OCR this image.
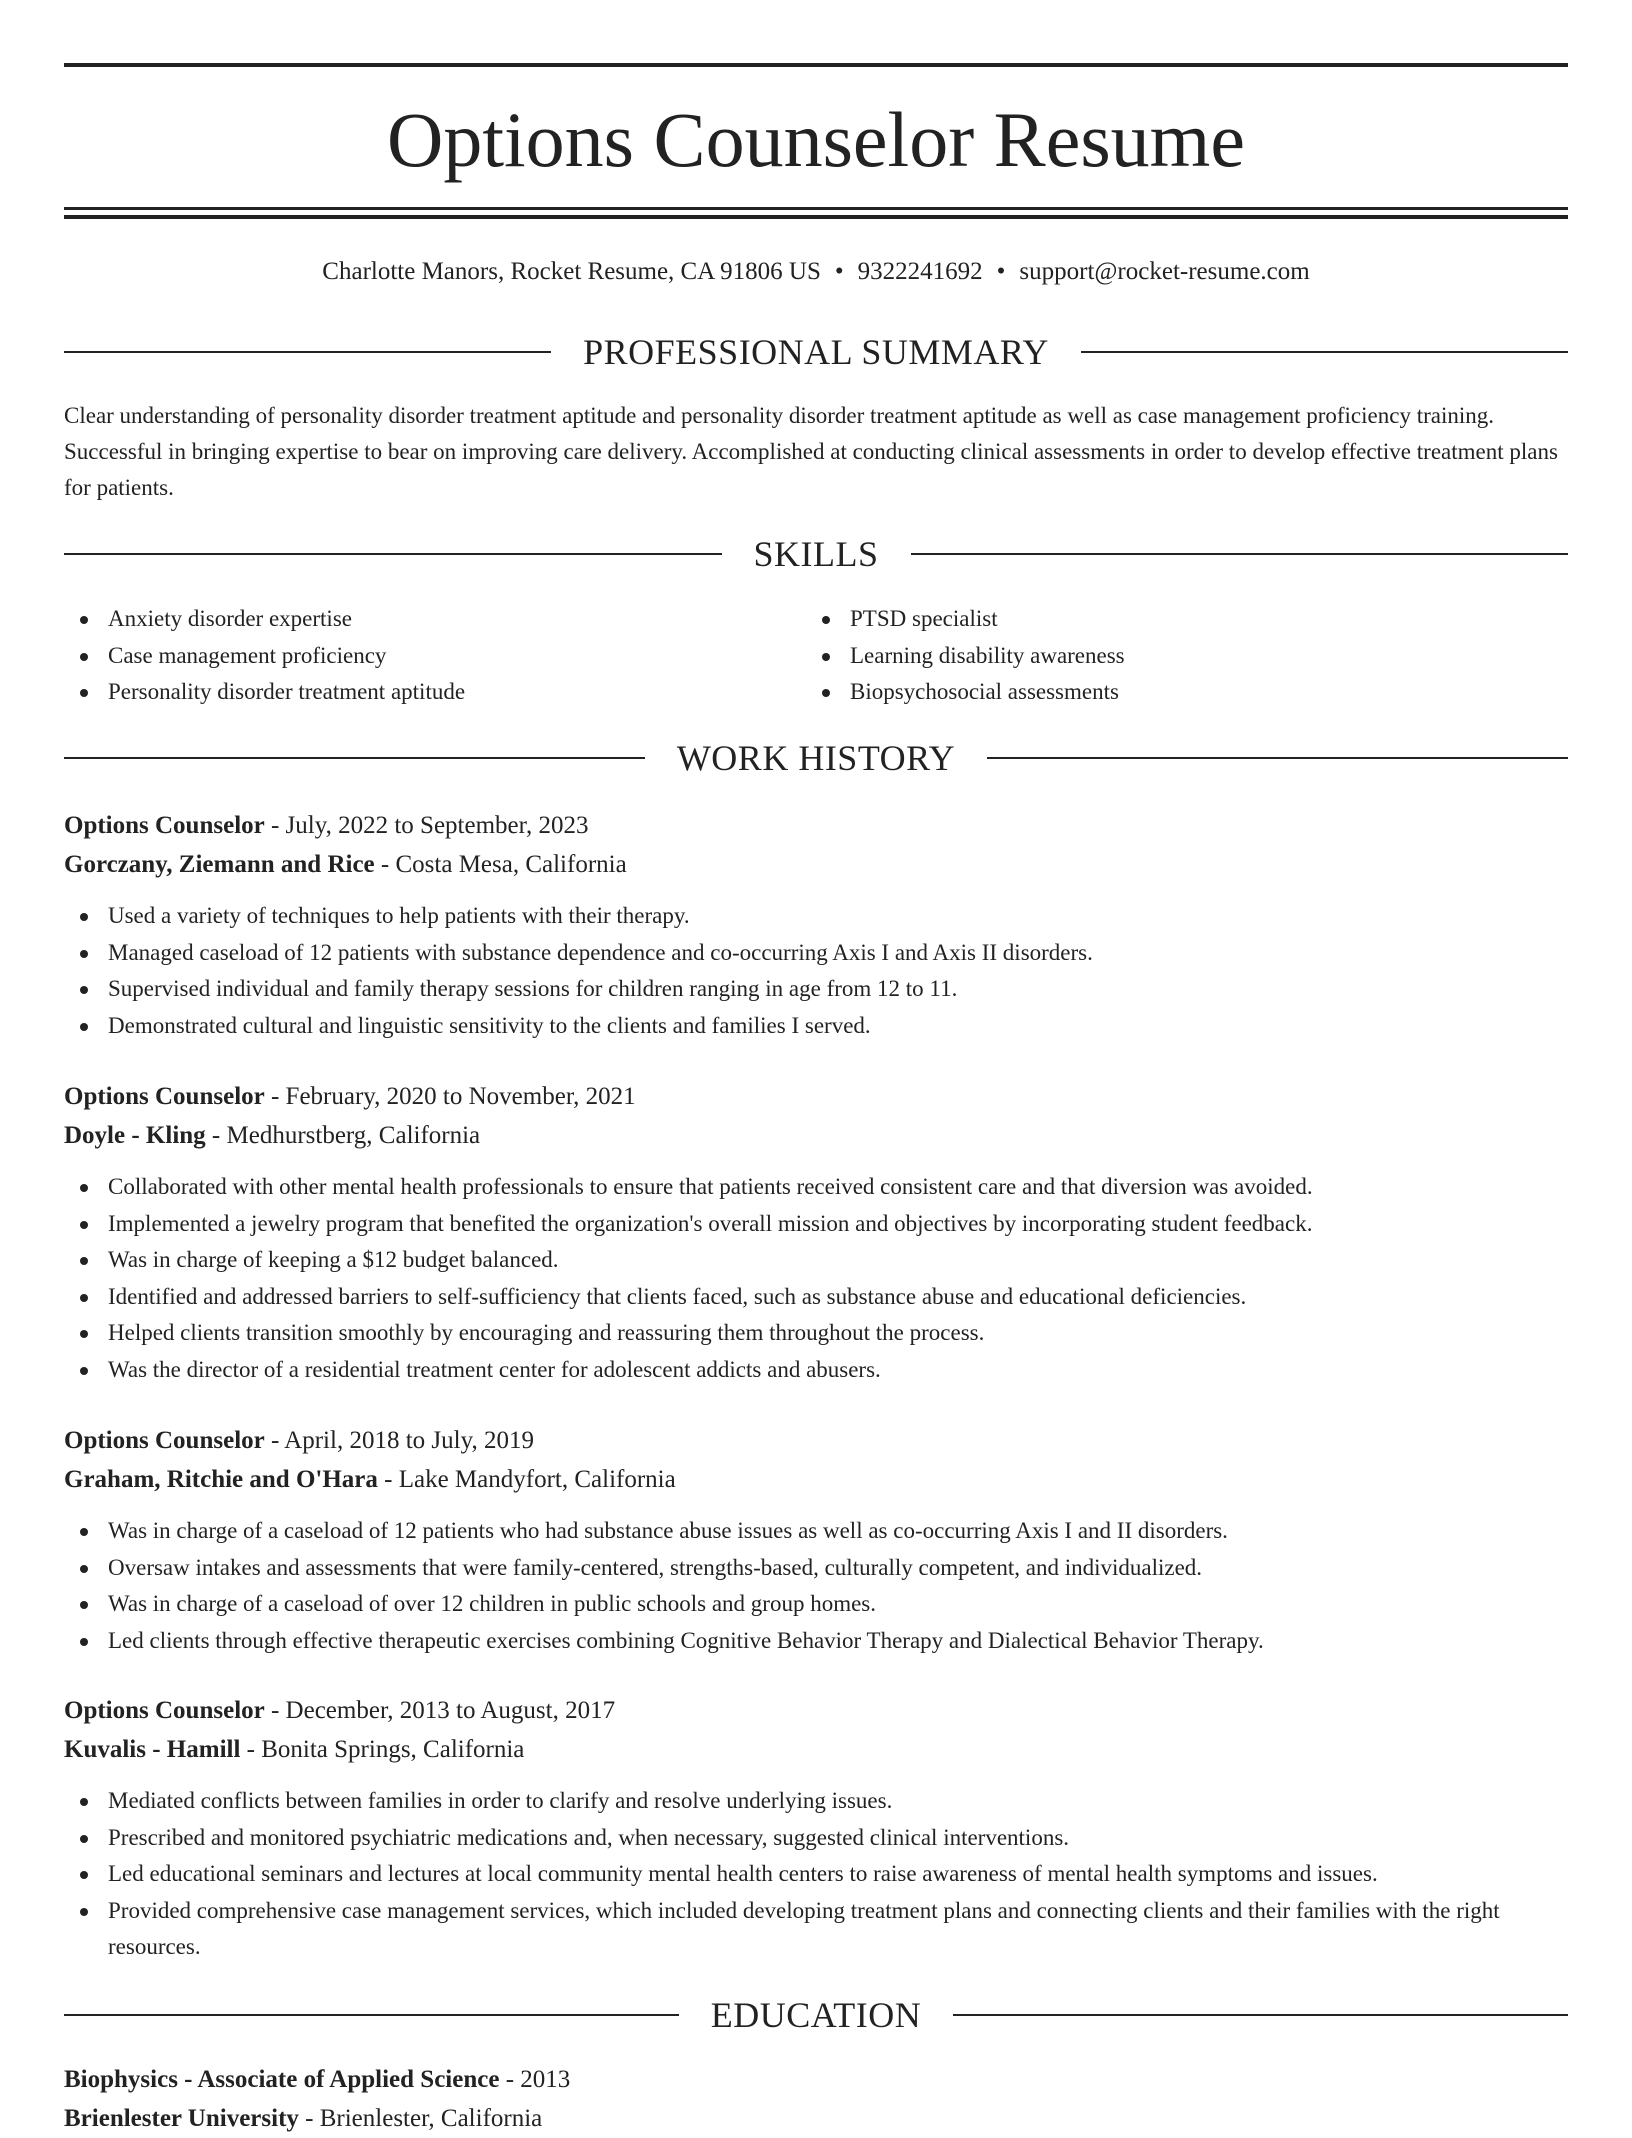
Options Counselor Resume
Charlotte Manors, Rocket Resume, CA 91806 US • 9322241692 • support@rocket-resume.com
PROFESSIONAL SUMMARY

Clear understanding of personality disorder treatment aptitude and personality disorder treatment aptitude as well as case management proficiency training. Successful in bringing expertise to bear on improving care delivery. Accomplished at conducting clinical assessments in order to develop effective treatment plans for patients.

SKILLS
Anxiety disorder expertise
Case management proficiency
Personality disorder treatment aptitude
PTSD specialist
Learning disability awareness
Biopsychosocial assessments
WORK HISTORY
Options Counselor - July, 2022 to September, 2023
Gorczany, Ziemann and Rice - Costa Mesa, California
Used a variety of techniques to help patients with their therapy.
Managed caseload of 12 patients with substance dependence and co-occurring Axis I and Axis II disorders.
Supervised individual and family therapy sessions for children ranging in age from 12 to 11.
Demonstrated cultural and linguistic sensitivity to the clients and families I served.
Options Counselor - February, 2020 to November, 2021
Doyle - Kling - Medhurstberg, California
Collaborated with other mental health professionals to ensure that patients received consistent care and that diversion was avoided.
Implemented a jewelry program that benefited the organization's overall mission and objectives by incorporating student feedback.
Was in charge of keeping a $12 budget balanced.
Identified and addressed barriers to self-sufficiency that clients faced, such as substance abuse and educational deficiencies.
Helped clients transition smoothly by encouraging and reassuring them throughout the process.
Was the director of a residential treatment center for adolescent addicts and abusers.
Options Counselor - April, 2018 to July, 2019
Graham, Ritchie and O'Hara - Lake Mandyfort, California
Was in charge of a caseload of 12 patients who had substance abuse issues as well as co-occurring Axis I and II disorders.
Oversaw intakes and assessments that were family-centered, strengths-based, culturally competent, and individualized.
Was in charge of a caseload of over 12 children in public schools and group homes.
Led clients through effective therapeutic exercises combining Cognitive Behavior Therapy and Dialectical Behavior Therapy.
Options Counselor - December, 2013 to August, 2017
Kuvalis - Hamill - Bonita Springs, California
Mediated conflicts between families in order to clarify and resolve underlying issues.
Prescribed and monitored psychiatric medications and, when necessary, suggested clinical interventions.
Led educational seminars and lectures at local community mental health centers to raise awareness of mental health symptoms and issues.
Provided comprehensive case management services, which included developing treatment plans and connecting clients and their families with the right resources.
EDUCATION
Biophysics - Associate of Applied Science - 2013
Brienlester University - Brienlester, California
